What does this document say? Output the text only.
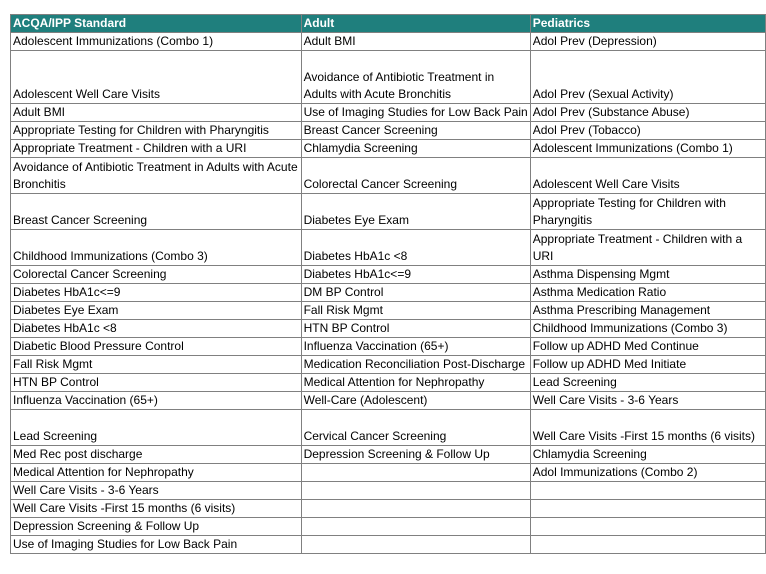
ACQA/IPP Standard	Adult	Pediatrics
Adolescent Immunizations (Combo 1)	Adult BMI	Adol Prev (Depression)
Adolescent Well Care Visits	Avoidance of Antibiotic Treatment in Adults with Acute Bronchitis	Adol Prev (Sexual Activity)
Adult BMI	Use of Imaging Studies for Low Back Pain	Adol Prev (Substance Abuse)
Appropriate Testing for Children with Pharyngitis	Breast Cancer Screening	Adol Prev (Tobacco)
Appropriate Treatment - Children with a URI	Chlamydia Screening	Adolescent Immunizations (Combo 1)
Avoidance of Antibiotic Treatment in Adults with Acute Bronchitis	Colorectal Cancer Screening	Adolescent Well Care Visits
Breast Cancer Screening	Diabetes Eye Exam	Appropriate Testing for Children with Pharyngitis
Childhood Immunizations (Combo 3)	Diabetes HbA1c <8	Appropriate Treatment - Children with a URI
Colorectal Cancer Screening	Diabetes HbA1c<=9	Asthma Dispensing Mgmt
Diabetes HbA1c<=9	DM BP Control	Asthma Medication Ratio
Diabetes Eye Exam	Fall Risk Mgmt	Asthma Prescribing Management
Diabetes HbA1c <8	HTN BP Control	Childhood Immunizations (Combo 3)
Diabetic Blood Pressure Control	Influenza Vaccination (65+)	Follow up ADHD Med Continue
Fall Risk Mgmt	Medication Reconciliation Post-Discharge	Follow up ADHD Med Initiate
HTN BP Control	Medical Attention for Nephropathy	Lead Screening
Influenza Vaccination (65+)	Well-Care (Adolescent)	Well Care Visits - 3-6 Years
Lead Screening	Cervical Cancer Screening	Well Care Visits -First 15 months (6 visits)
Med Rec post discharge	Depression Screening & Follow Up	Chlamydia Screening
Medical Attention for Nephropathy		Adol Immunizations (Combo 2)
Well Care Visits - 3-6 Years		
Well Care Visits -First 15 months (6 visits)		
Depression Screening & Follow Up		
Use of Imaging Studies for Low Back Pain		
